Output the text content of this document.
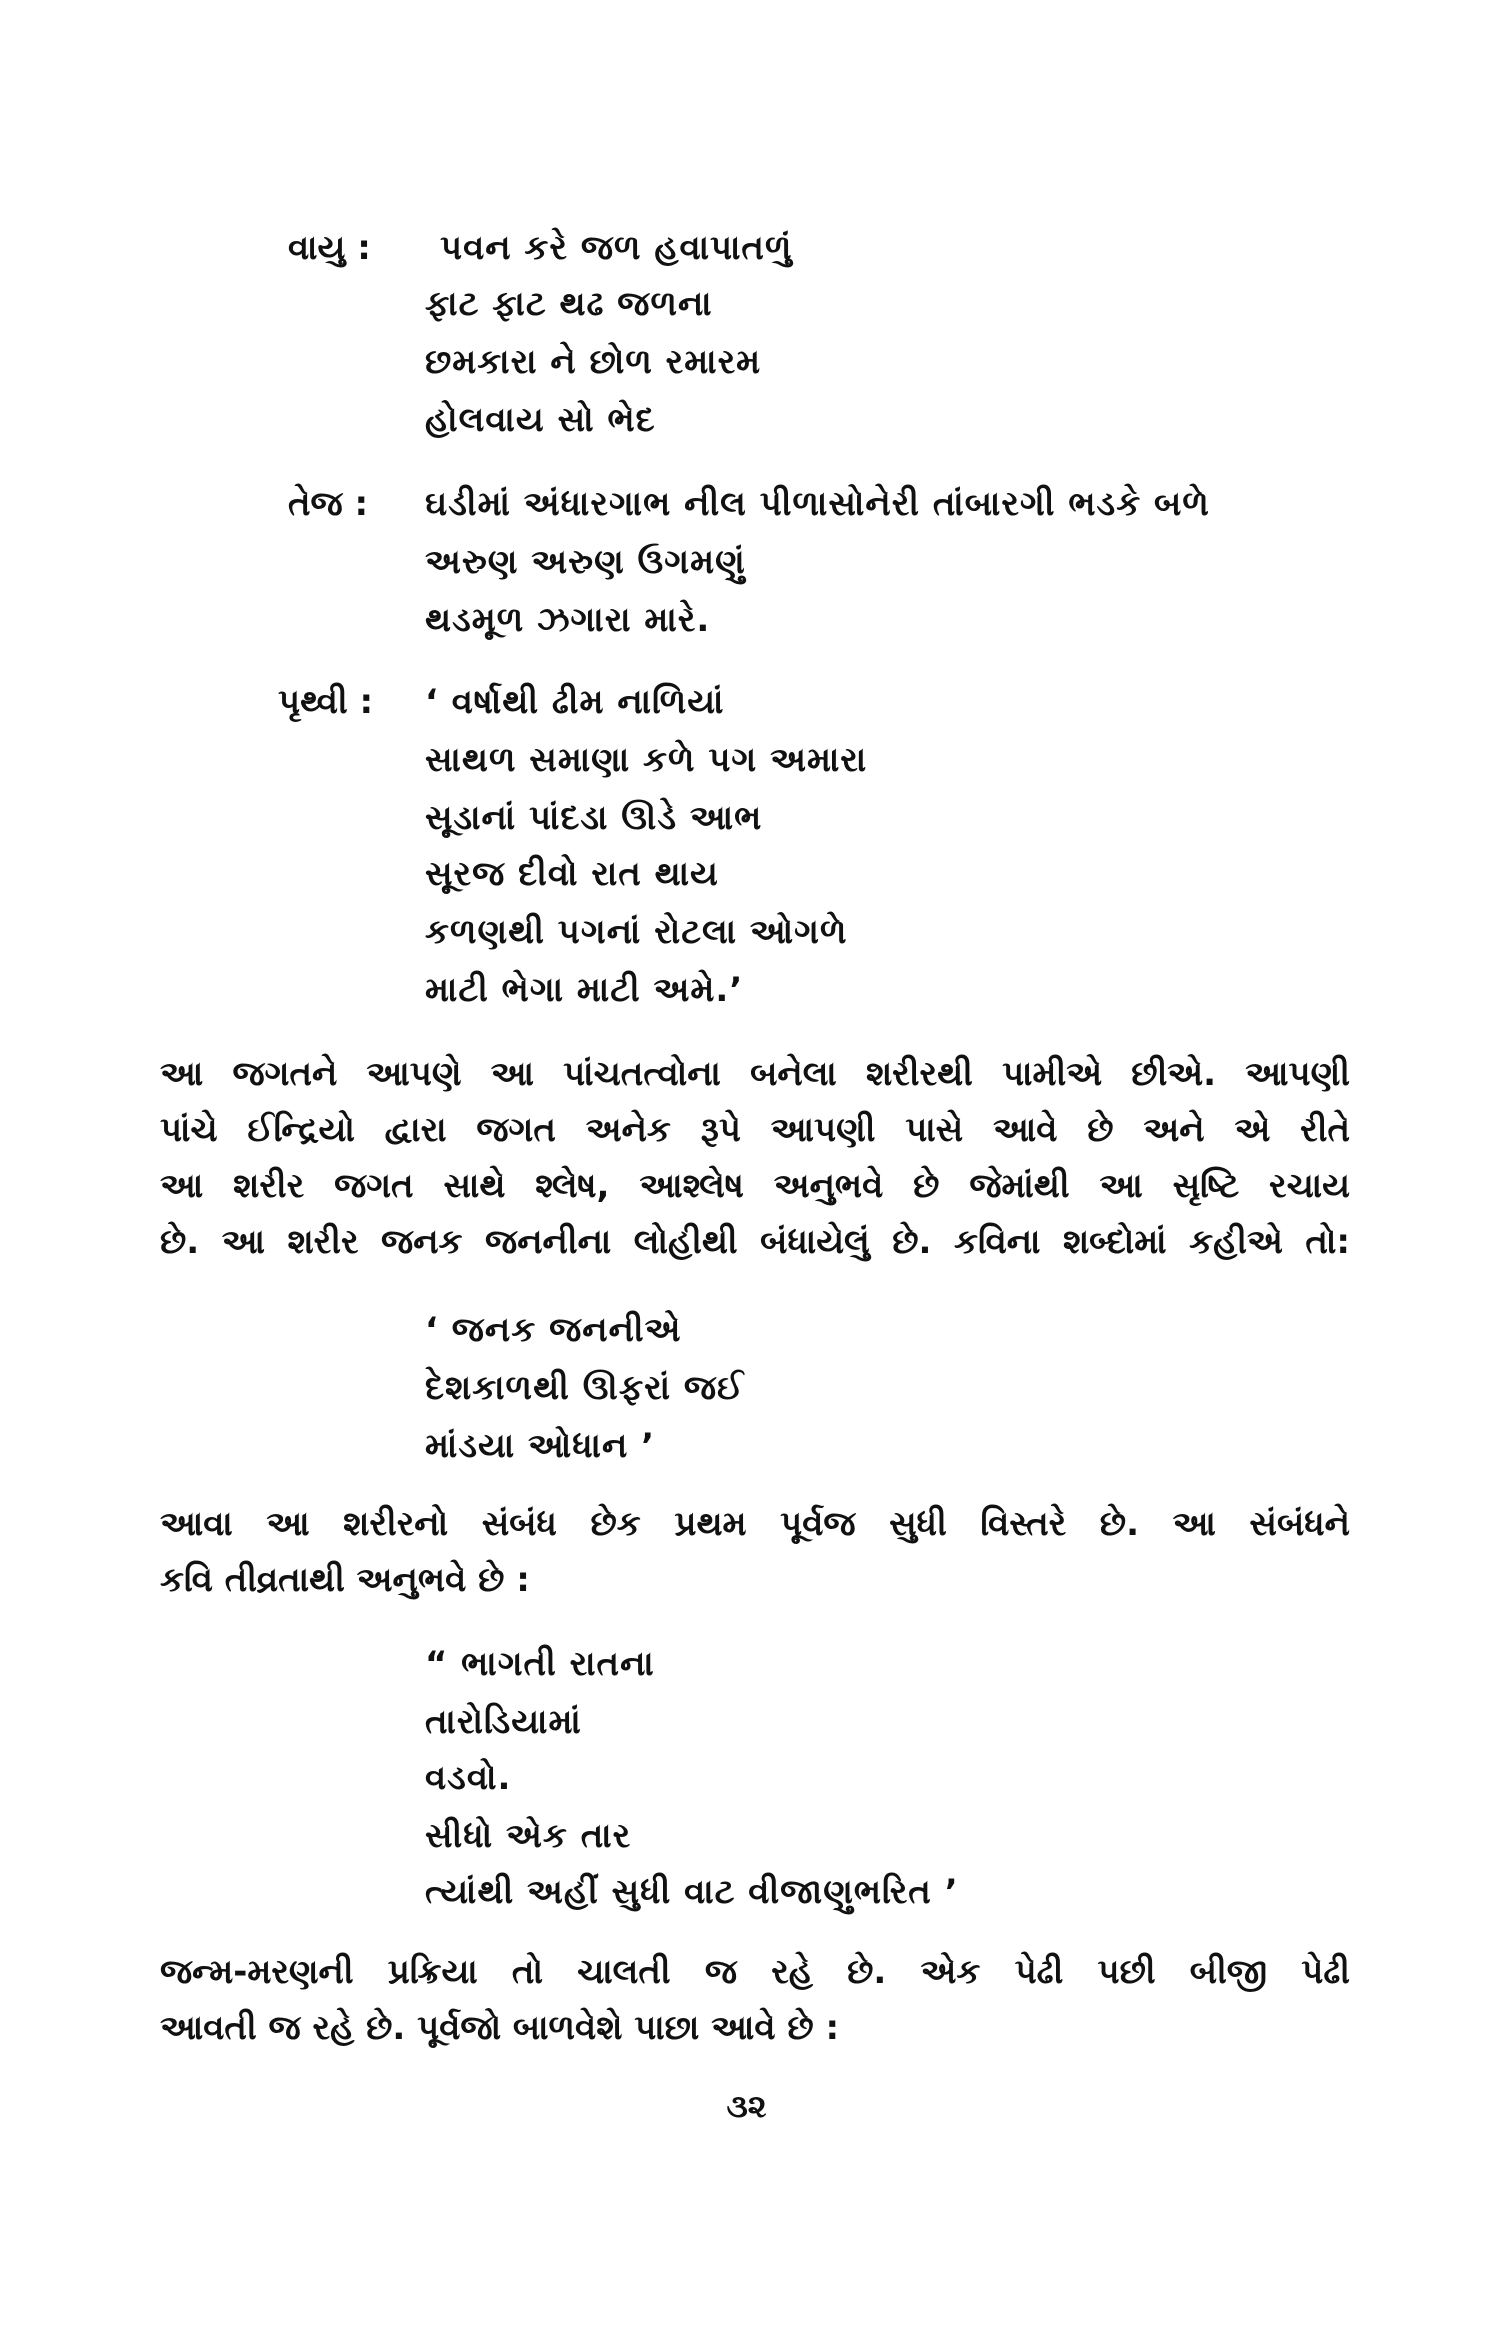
વાયુ : પવન કરે જળ હવાપાતળું
ફાટ ફાટ થઢ જળના
છમકારા ને છોળ રમારમ
હોલવાય સો ભેદ
તેજ : ઘડીમાં અંધારગાભ નીલ પીળાસોનેરી તાંબારગી ભડકે બળે
અરુણ અરુણ ઉગમણું
થડમૂળ ઝગારા મારે.
પૃથ્વી : ‘ વર્ષાથી ઢીમ નાળિયાં
સાથળ સમાણા કળે પગ અમારા
સૂડાનાં પાંદડા ઊડે આભ
સૂરજ દીવો રાત થાય
કળણથી પગનાં રોટલા ઓગળે
માટી ભેગા માટી અમે.’
આ જગતને આપણે આ પાંચતત્વોના બનેલા શરીરથી પામીએ છીએ. આપણી
પાંચે ઈન્દ્રિયો દ્વારા જગત અનેક રૂપે આપણી પાસે આવે છે અને એ રીતે
આ શરીર જગત સાથે શ્લેષ, આશ્લેષ અનુભવે છે જેમાંથી આ સૃષ્ટિ રચાય
છે. આ શરીર જનક જનનીના લોહીથી બંધાયેલું છે. કવિના શબ્દોમાં કહીએ તો:
‘ જનક જનનીએ
દેશકાળથી ઊફરાં જઈ
માંડયા ઓધાન ’
આવા આ શરીરનો સંબંધ છેક પ્રથમ પૂર્વજ સુધી વિસ્તરે છે. આ સંબંધને
કવિ તીવ્રતાથી અનુભવે છે :
“ ભાગતી રાતના
તારોડિયામાં
વડવો.
સીધો એક તાર
ત્યાંથી અહીં સુધી વાટ વીજાણુભરિત ’
જન્મ-મરણની પ્રક્રિયા તો ચાલતી જ રહે છે. એક પેઢી પછી બીજી પેઢી
આવતી જ રહે છે. પૂર્વજો બાળવેશે પાછા આવે છે :
૩૨
